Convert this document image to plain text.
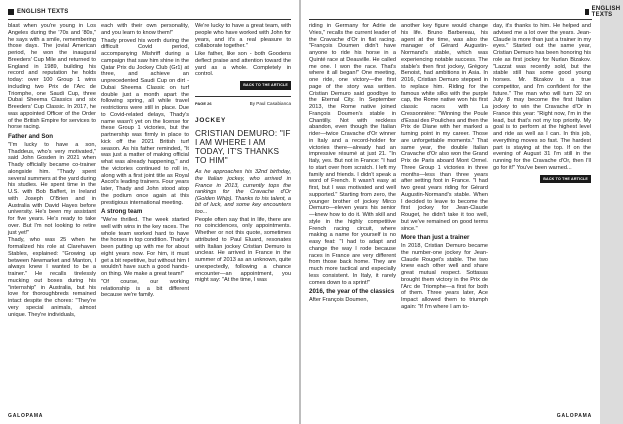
ENGLISH TEXTS

blast when you're young in Los Angeles during the '70s and '80s," he says with a smile, remembering those days. The jovial American period, he won the inaugural Breeders' Cup Mile and returned to England in 1989, building his record and reputation he holds today: over 100 Group 1 wins including two Prix de l'Arc de Triomphe, one Saudi Cup, three Dubai Sheema Classics and six Breeders' Cup Classic. In 2017, he was appointed Officer of the Order of the British Empire for services to horse racing.

Father and Son

"I'm lucky to have a son, Thaddeus, who's very motivated," said John Gosden in 2021 when Thady officially became co-trainer alongside him. "Thady spent several summers at the yard during his studies. He spent time in the U.S. with Bob Baffert, in Ireland with Joseph O'Brien and in Australia with David Hayes before university. He's been my assistant for five years. He's ready to take over. But I'm not looking to retire just yet!"

Thady, who was 25 when he formalized his role at Clarehaven Stables, explained: "Growing up between Newmarket and Manton, I always knew I wanted to be a trainer." He recalls tirelessly mucking out boxes during his "internship" in Australia, but his love for thoroughbreds remained intact despite the chores: "They're very special animals, almost unique. They're individuals,

each with their own personality, and you learn to know them!"

Thady proved his worth during the difficult Covid period, accompanying Mishriff during a campaign that saw him shine in the Qatar Prix du Jockey Club (Gr1) at three, and achieve an unprecedented Saudi Cup on dirt - Dubai Sheema Classic on turf double just a month apart the following spring, all while travel restrictions were still in place. Due to Covid-related delays, Thady's name wasn't yet on the license for these Group 1 victories, but the partnership was firmly in place to kick off the 2021 British turf season. As his father reminded, "It was just a matter of making official what was already happening," and the victories continued to roll in, along with a first joint title as Royal Ascot's leading trainers. Four years later, Thady and John stood atop the podium once again at this prestigious international meeting.

A strong team

"We're thrilled. The week started well with wins in the key races. The whole team worked hard to have the horses in top condition. Thady's been putting up with me for about eight years now. For him, it must get a bit repetitive, but without him I wouldn't have such a good hands-on thing. We make a great team!"

"Of course, our working relationship is a bit different because we're family.

We're lucky to have a great team, with people who have worked with John for years, and it's a real pleasure to collaborate together."

Like father, like son - both Goodens deflect praise and attention toward the yard as a whole. Completely in control.

BACK TO THE ARTICLE
PAGE 26	By Paul Casabianca
JOCKEY
CRISTIAN DEMURO: "IF I AM WHERE I AM TODAY, IT'S THANKS TO HIM"

As he approaches his 32nd birthday, the Italian jockey, who arrived in France in 2013, currently tops the rankings for the Cravache d'Or (Golden Whip). Thanks to his talent, a bit of luck, and some key encounters too...

People often say that in life, there are no coincidences, only appointments. Whether or not this quote, sometimes attributed to Paul Eluard, resonates with Italian jockey Cristian Demuro is unclear. He arrived in France in the summer of 2013 as an unknown, quite unexpectedly, following a chance encounter—an appointment, you might say: "At the time, I was

GALOPAMA
ENGLISH TEXTS

riding in Germany for Adrie de Vries," recalls the current leader of the Cravache d'Or in flat racing. "François Doumen didn't have anyone to ride his horse in a Quinté race at Deauville. He called me one. I won the race. That's where it all began!" One meeting, one ride, one victory—the first page of the story was written. Cristian Demuro said goodbye to the Eternal City. In September 2013, the Rome native joined François Doumen's stable in Chantilly. Not with reckless abandon, even though the Italian rider—twice Cravache d'Or winner in Italy and a record-holder for victories there—already had an impressive résumé at just 21. "In Italy, yes. But not in France: "I had to start over from scratch. I left my family and friends. I didn't speak a word of French. It wasn't easy at first, but I was motivated and well supported." Starting from zero, the younger brother of jockey Mirco Demuro—eleven years his senior—knew how to do it. With skill and style in the highly competitive French racing circuit, where making a name for yourself is no easy feat: "I had to adapt and change the way I rode because races in France are very different from those back home. They are much more tactical and especially less consistent. In Italy, it rarely comes down to a sprint!"

2016, the year of the classics

After François Doumen,

another key figure would change his life. Bruno Barbereau, his agent at the time, was also the manager of Gérard Augustin-Normand's stable, which was experiencing notable success. The stable's then first jockey, Grégory Benoist, had ambitions in Asia. In 2016, Cristian Demuro stepped in to replace him. Riding for the famous white silks with the purple cap, the Rome native won his first classic races with La Cressonnière: "Winning the Poule d'Essai des Pouliches and then the Prix de Diane with her marked a turning point in my career. Those are unforgettable moments." That same year, the double Italian Cravache d'Or also won the Grand Prix de Paris aboard Mont Ormel. Three Group 1 victories in three months—less than three years after setting foot in France. "I had two great years riding for Gérard Augustin-Normand's stable. When I decided to leave to become the first jockey for Jean-Claude Rouget, he didn't take it too well, but we've remained on good terms since."

More than just a trainer

In 2018, Cristian Demuro became the number-one jockey for Jean-Claude Rouget's stable. The two knew each other well and share great mutual respect. Sottasas brought them victory in the Prix de l'Arc de Triomphe—a first for both of them. Three years later, Ace Impact allowed them to triumph again: "If I'm where I am to-

day, it's thanks to him. He helped and advised me a lot over the years. Jean-Claude is more than just a trainer in my eyes." Started out the same year, Cristian Demuro has been honoring his role as first jockey for Nurlan Bizakov. "Lazzat was recently sold, but the stable still has some good young horses. Mr. Bizakov is a true competitor, and I'm confident for the future." The man who will turn 32 on July 8 may become the first Italian jockey to win the Cravache d'Or in France this year: "Right now, I'm in the lead, but that's not my top priority. My goal is to perform at the highest level and ride as well as I can. In this job, everything moves so fast. The hardest part is staying at the top. If on the evening of August 31 I'm still in the running for the Cravache d'Or, then I'll go for it!" You've been warned...

BACK TO THE ARTICLE
GALOPAMA
